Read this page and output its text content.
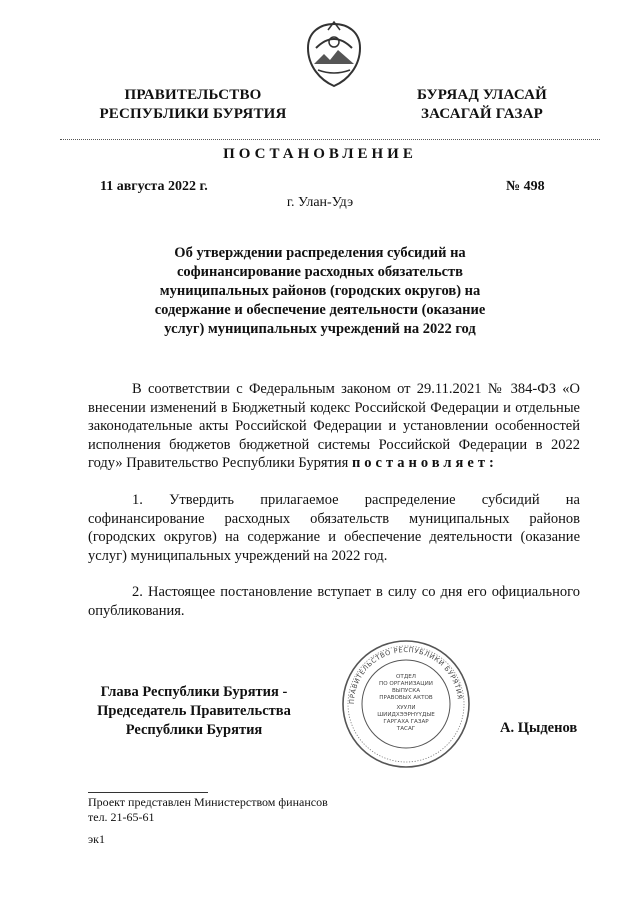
ПРАВИТЕЛЬСТВО
РЕСПУБЛИКИ БУРЯТИЯ
БУРЯАД УЛАСАЙ
ЗАСАГАЙ ГАЗАР
ПОСТАНОВЛЕНИЕ
11 августа 2022 г.	№ 498
г. Улан-Удэ
Об утверждении распределения субсидий на софинансирование расходных обязательств муниципальных районов (городских округов) на содержание и обеспечение деятельности (оказание услуг) муниципальных учреждений на 2022 год

В соответствии с Федеральным законом от 29.11.2021 № 384-ФЗ «О внесении изменений в Бюджетный кодекс Российской Федерации и отдельные законодательные акты Российской Федерации и установлении особенностей исполнения бюджетов бюджетной системы Российской Федерации в 2022 году» Правительство Республики Бурятия постановляет:

1. Утвердить прилагаемое распределение субсидий на софинансирование расходных обязательств муниципальных районов (городских округов) на содержание и обеспечение деятельности (оказание услуг) муниципальных учреждений на 2022 год.

2. Настоящее постановление вступает в силу со дня его официального опубликования.

Глава Республики Бурятия -
Председатель Правительства
Республики Бурятия
ПРАВИТЕЛЬСТВО РЕСПУБЛИКИ БУРЯТИЯ
ОТДЕЛ
ПО ОРГАНИЗАЦИИ
ВЫПУСКА
ПРАВОВЫХ АКТОВ
ХУУЛИ
ШИИДХЭЭРНҮҮДЫЕ
ГАРГАХА ГАЗАР
ТАСАГ	А. Цыденов
Проект представлен Министерством финансов
тел. 21-65-61
эк1
